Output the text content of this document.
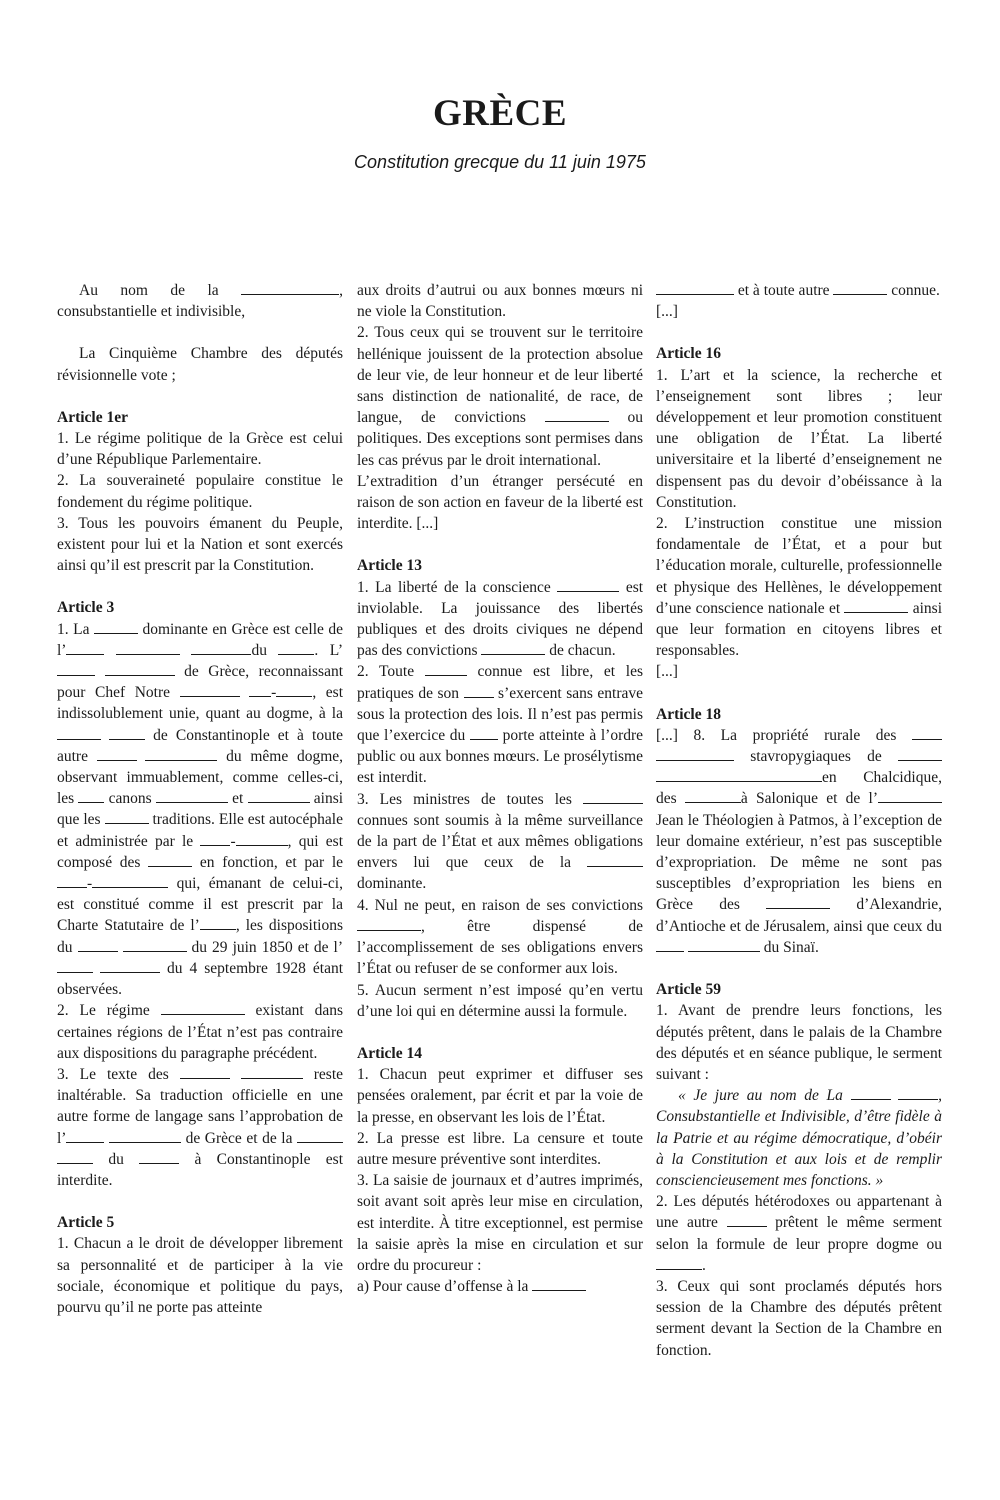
GRÈCE

Constitution grecque du 11 juin 1975

Au nom de la	, consubstantielle et indivisible,

La Cinquième Chambre des députés révisionnelle vote ;

Article 1er

1. Le régime politique de la Grèce est celui d’une République Parlementaire.

2. La souveraineté populaire constitue le fondement du régime politique.

3. Tous les pouvoirs émanent du Peuple, existent pour lui et la Nation et sont exercés ainsi qu’il est prescrit par la Constitution.

Article 3

1. La	dominante en Grèce est celle de l’	du	. L’  de Grèce, reconnaissant pour Chef Notre	- , est indissolublement unie, quant au dogme, à la   de Constantinople et à toute autre	du même dogme, observant immuablement, comme celles-ci, les canons	et	ainsi que les	traditions. Elle est autocéphale et administrée par le -	, qui est composé des	en fonction, et par le -	qui, émanant de celui-ci, est constitué comme il est prescrit par la Charte Statutaire de l’ , les dispositions du	du 29 juin 1850 et de l’  du 4 septembre 1928 étant observées.

2. Le régime	existant dans certaines régions de l’État n’est pas contraire aux dispositions du paragraphe précédent.

3. Le texte des	reste inaltérable. Sa traduction officielle en une autre forme de langage sans l’approbation de l’	de Grèce et de la   du	à Constantinople est interdite.

Article 5

1. Chacun a le droit de développer librement sa personnalité et de participer à la vie sociale, économique et politique du pays, pourvu qu’il ne porte pas atteinte

aux droits d’autrui ou aux bonnes mœurs ni ne viole la Constitution.

2. Tous ceux qui se trouvent sur le territoire hellénique jouissent de la protection absolue de leur vie, de leur honneur et de leur liberté sans distinction de nationalité, de race, de langue, de convictions	ou politiques. Des exceptions sont permises dans les cas prévus par le droit international.

L’extradition d’un étranger persécuté en raison de son action en faveur de la liberté est interdite. [...]

Article 13

1. La liberté de la conscience	est inviolable. La jouissance des libertés publiques et des droits civiques ne dépend pas des convictions	de chacun.

2. Toute	connue est libre, et les pratiques de son	s’exercent sans entrave sous la protection des lois. Il n’est pas permis que l’exercice du porte atteinte à l’ordre public ou aux bonnes mœurs. Le prosélytisme est interdit.

3. Les ministres de toutes les  connues sont soumis à la même surveillance de la part de l’État et aux mêmes obligations envers lui que ceux de la  dominante.

4. Nul ne peut, en raison de ses convictions , être dispensé de l’accomplissement de ses obligations envers l’État ou refuser de se conformer aux lois.

5. Aucun serment n’est imposé qu’en vertu d’une loi qui en détermine aussi la formule.

Article 14

1. Chacun peut exprimer et diffuser ses pensées oralement, par écrit et par la voie de la presse, en observant les lois de l’État.

2. La presse est libre. La censure et toute autre mesure préventive sont interdites.

3. La saisie de journaux et d’autres imprimés, soit avant soit après leur mise en circulation, est interdite. À titre exceptionnel, est permise la saisie après la mise en circulation et sur ordre du procureur :

a) Pour cause d’offense à la

et à toute autre	connue.

[...]

Article 16

1. L’art et la science, la recherche et l’enseignement sont libres ; leur développement et leur promotion constituent une obligation de l’État. La liberté universitaire et la liberté d’enseignement ne dispensent pas du devoir d’obéissance à la Constitution.

2. L’instruction constitue une mission fondamentale de l’État, et a pour but l’éducation morale, culturelle, professionnelle et physique des Hellènes, le développement d’une conscience nationale et	ainsi que leur formation en citoyens libres et responsables.

[...]

Article 18

[...] 8. La propriété rurale des   stavropygiaques de  en Chalcidique, des	à Salonique et de l’ Jean le Théologien à Patmos, à l’exception de leur domaine extérieur, n’est pas susceptible d’expropriation. De même ne sont pas susceptibles d’expropriation les biens en Grèce des	d’Alexandrie, d’Antioche et de Jérusalem, ainsi que ceux du   du Sinaï.

Article 59

1. Avant de prendre leurs fonctions, les députés prêtent, dans le palais de la Chambre des députés et en séance publique, le serment suivant :

« Je jure au nom de La	, Consubstantielle et Indivisible, d’être fidèle à la Patrie et au régime démocratique, d’obéir à la Constitution et aux lois et de remplir consciencieusement mes fonctions. »

2. Les députés hétérodoxes ou appartenant à une autre	prêtent le même serment selon la formule de leur propre dogme ou .

3. Ceux qui sont proclamés députés hors session de la Chambre des députés prêtent serment devant la Section de la Chambre en fonction.
